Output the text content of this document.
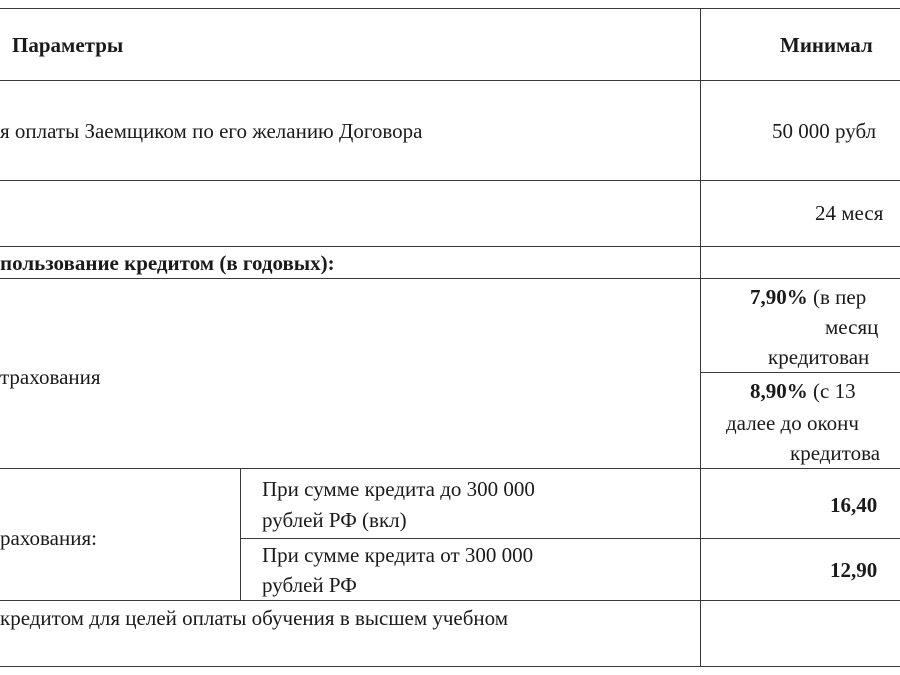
Параметры	Минимал
я оплаты Заемщиком по его желанию Договора	50 000 рубл
24 меся
пользование кредитом (в годовых):
трахования
7,90% (в пер
месяц
кредитован
8,90% (с 13
далее до оконч
кредитова
рахования:
При сумме кредита до 300 000
рублей РФ (вкл)
16,40
При сумме кредита от 300 000
рублей РФ
12,90
кредитом для целей оплаты обучения в высшем учебном
